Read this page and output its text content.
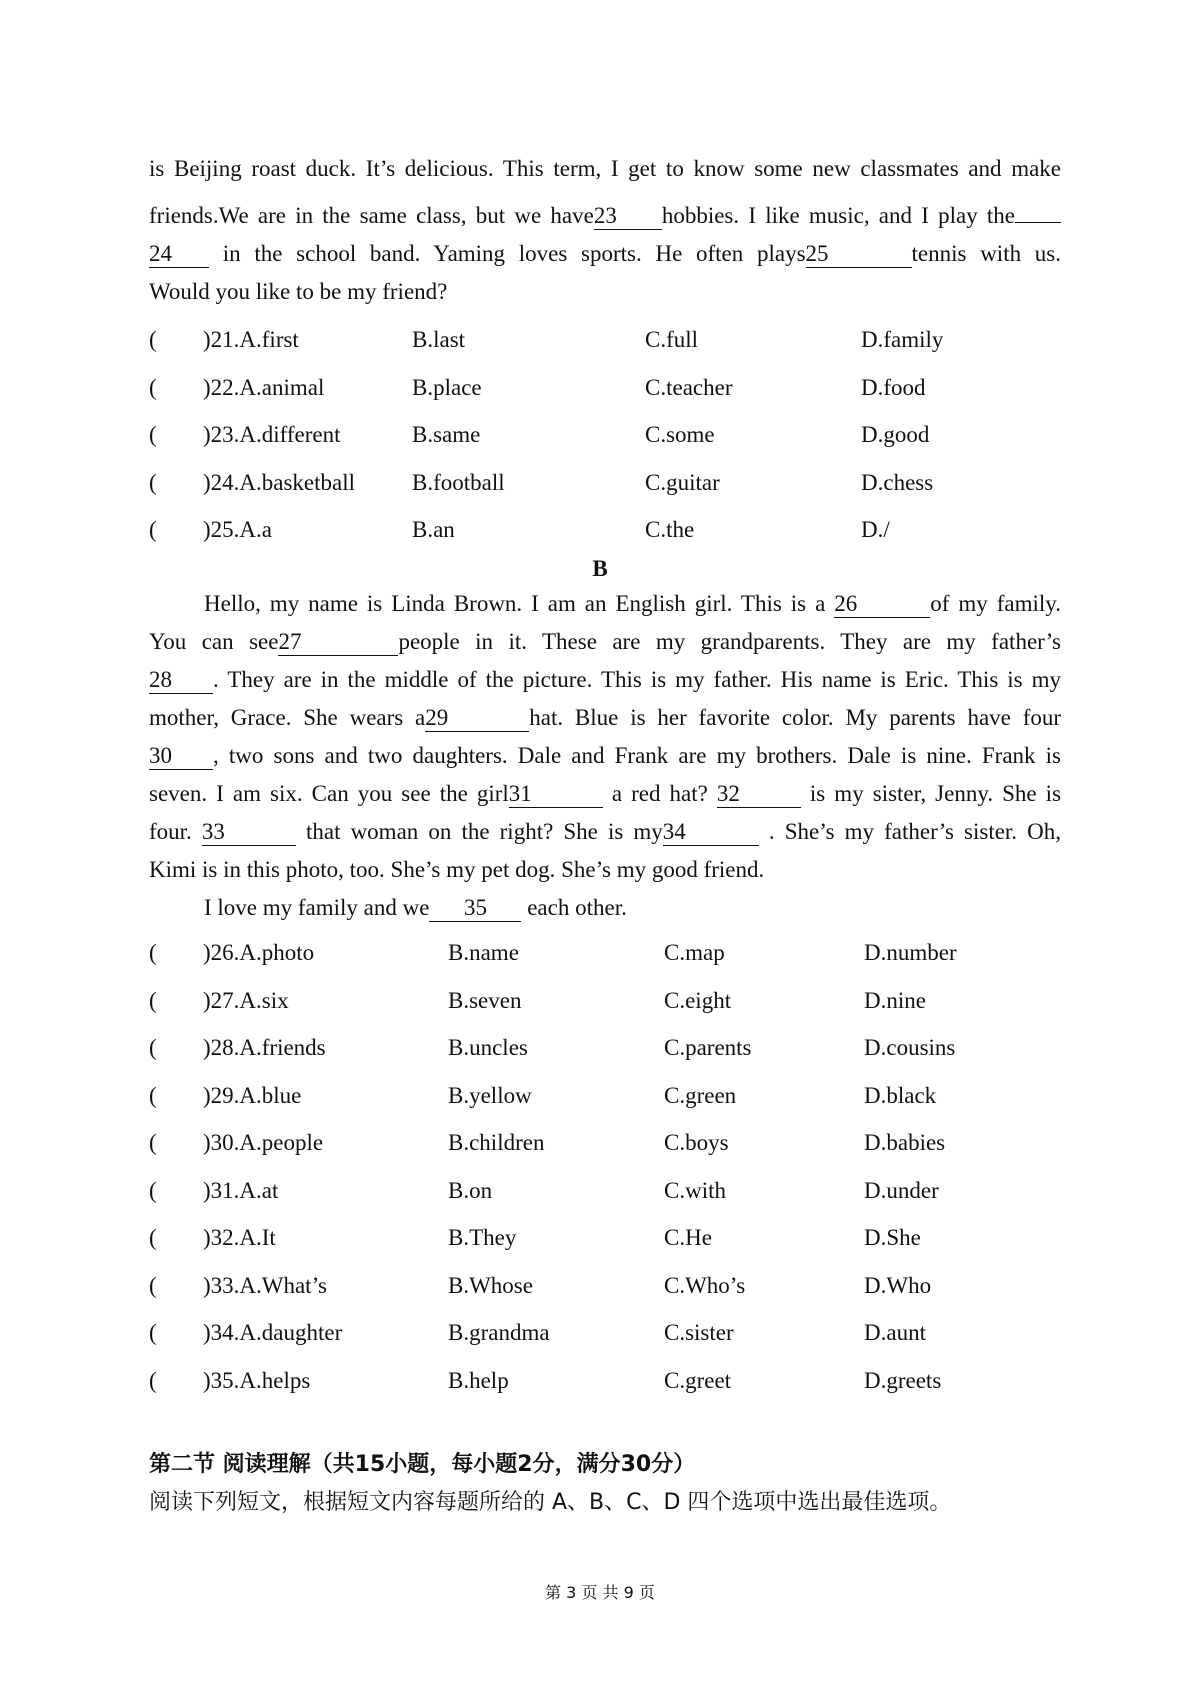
is Beijing roast duck. It’s delicious. This term, I get to know some new classmates and make
friends.We are in the same class, but we have23 hobbies. I like music, and I play the
24 in the school band. Yaming loves sports. He often plays25	tennis with us.
Would you like to be my friend?
( )21.A.first	B.last	C.full	D.family
( )22.A.animal	B.place	C.teacher	D.food
( )23.A.different	B.same	C.some	D.good
( )24.A.basketball B.football	C.guitar	D.chess
( )25.A.a	B.an	C.the	D./
B
Hello, my name is Linda Brown. I am an English girl. This is a 26	of my family.
You can see27	people in it. These are my grandparents. They are my father’s
28 . They are in the middle of the picture. This is my father. His name is Eric. This is my
mother, Grace. She wears a29	hat. Blue is her favorite color. My parents have four
30 , two sons and two daughters. Dale and Frank are my brothers. Dale is nine. Frank is
seven. I am six. Can you see the girl31	a red hat? 32	is my sister, Jenny. She is
four. 33	that woman on the right? She is my34	. She’s my father’s sister. Oh,
Kimi is in this photo, too. She’s my pet dog. She’s my good friend.
I love my family and we 35 each other.
( )26.A.photo	B.name	C.map	D.number
( )27.A.six	B.seven	C.eight	D.nine
( )28.A.friends	B.uncles	C.parents	D.cousins
( )29.A.blue	B.yellow	C.green	D.black
( )30.A.people	B.children	C.boys	D.babies
( )31.A.at	B.on	C.with	D.under
( )32.A.It	B.They	C.He	D.She
( )33.A.What’s	B.Whose	C.Who’s	D.Who
( )34.A.daughter	B.grandma	C.sister	D.aunt
( )35.A.helps	B.help	C.greet	D.greets
第二节 阅读理解（共15小题，每小题2分，满分30分）
阅读下列短文，根据短文内容每题所给的 A、B、C、D 四个选项中选出最佳选项。
第 3 页 共 9 页
